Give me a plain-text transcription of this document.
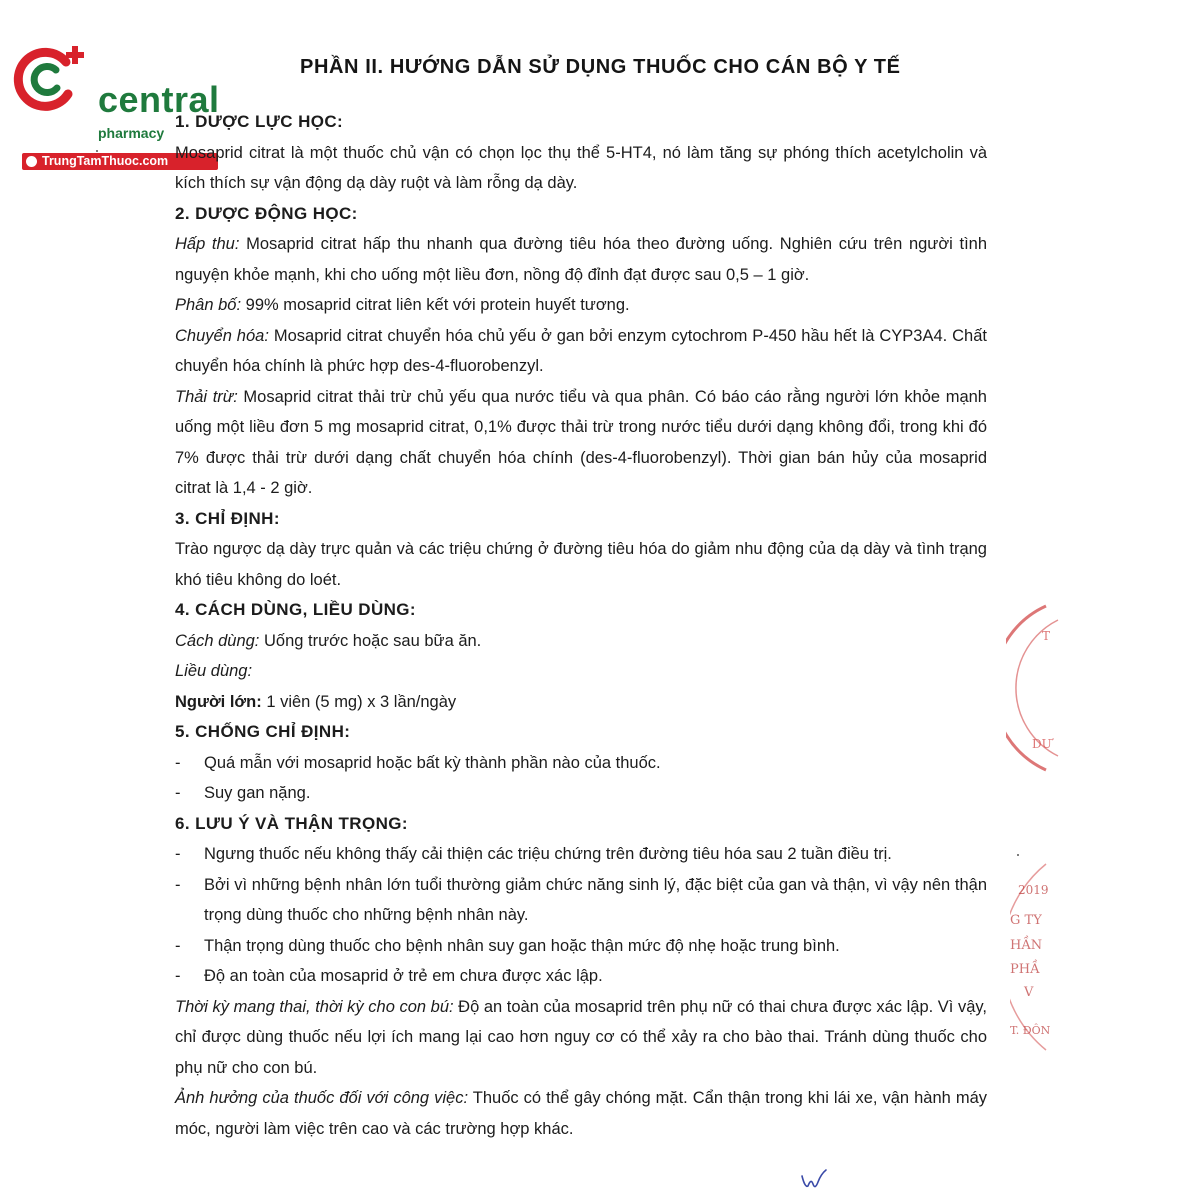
central
pharmacy
TrungTamThuoc.com
PHẦN II. HƯỚNG DẪN SỬ DỤNG THUỐC CHO CÁN BỘ Y TẾ
1. DƯỢC LỰC HỌC:

Mosaprid citrat là một thuốc chủ vận có chọn lọc thụ thể 5-HT4, nó làm tăng sự phóng thích acetylcholin và kích thích sự vận động dạ dày ruột và làm rỗng dạ dày.

2. DƯỢC ĐỘNG HỌC:

Hấp thu: Mosaprid citrat hấp thu nhanh qua đường tiêu hóa theo đường uống. Nghiên cứu trên người tình nguyện khỏe mạnh, khi cho uống một liều đơn, nồng độ đỉnh đạt được sau 0,5 – 1 giờ.

Phân bố: 99% mosaprid citrat liên kết với protein huyết tương.

Chuyển hóa: Mosaprid citrat chuyển hóa chủ yếu ở gan bởi enzym cytochrom P-450 hầu hết là CYP3A4. Chất chuyển hóa chính là phức hợp des-4-fluorobenzyl.

Thải trừ: Mosaprid citrat thải trừ chủ yếu qua nước tiểu và qua phân. Có báo cáo rằng người lớn khỏe mạnh uống một liều đơn 5 mg mosaprid citrat, 0,1% được thải trừ trong nước tiểu dưới dạng không đổi, trong khi đó 7% được thải trừ dưới dạng chất chuyển hóa chính (des-4-fluorobenzyl). Thời gian bán hủy của mosaprid citrat là 1,4 - 2 giờ.

3. CHỈ ĐỊNH:

Trào ngược dạ dày trực quản và các triệu chứng ở đường tiêu hóa do giảm nhu động của dạ dày và tình trạng khó tiêu không do loét.

4. CÁCH DÙNG, LIỀU DÙNG:

Cách dùng: Uống trước hoặc sau bữa ăn.

Liều dùng:

Người lớn: 1 viên (5 mg) x 3 lần/ngày

5. CHỐNG CHỈ ĐỊNH:
- Quá mẫn với mosaprid hoặc bất kỳ thành phần nào của thuốc.
- Suy gan nặng.
6. LƯU Ý VÀ THẬN TRỌNG:
- Ngưng thuốc nếu không thấy cải thiện các triệu chứng trên đường tiêu hóa sau 2 tuần điều trị.
- Bởi vì những bệnh nhân lớn tuổi thường giảm chức năng sinh lý, đặc biệt của gan và thận, vì vậy nên thận trọng dùng thuốc cho những bệnh nhân này.
- Thận trọng dùng thuốc cho bệnh nhân suy gan hoặc thận mức độ nhẹ hoặc trung bình.
- Độ an toàn của mosaprid ở trẻ em chưa được xác lập.

Thời kỳ mang thai, thời kỳ cho con bú: Độ an toàn của mosaprid trên phụ nữ có thai chưa được xác lập. Vì vậy, chỉ được dùng thuốc nếu lợi ích mang lại cao hơn nguy cơ có thể xảy ra cho bào thai. Tránh dùng thuốc cho phụ nữ cho con bú.

Ảnh hưởng của thuốc đối với công việc: Thuốc có thể gây chóng mặt. Cẩn thận trong khi lái xe, vận hành máy móc, người làm việc trên cao và các trường hợp khác.

T
DƯ
2019
G TY
HẦN
PHẦ
V
T. ĐÔN
